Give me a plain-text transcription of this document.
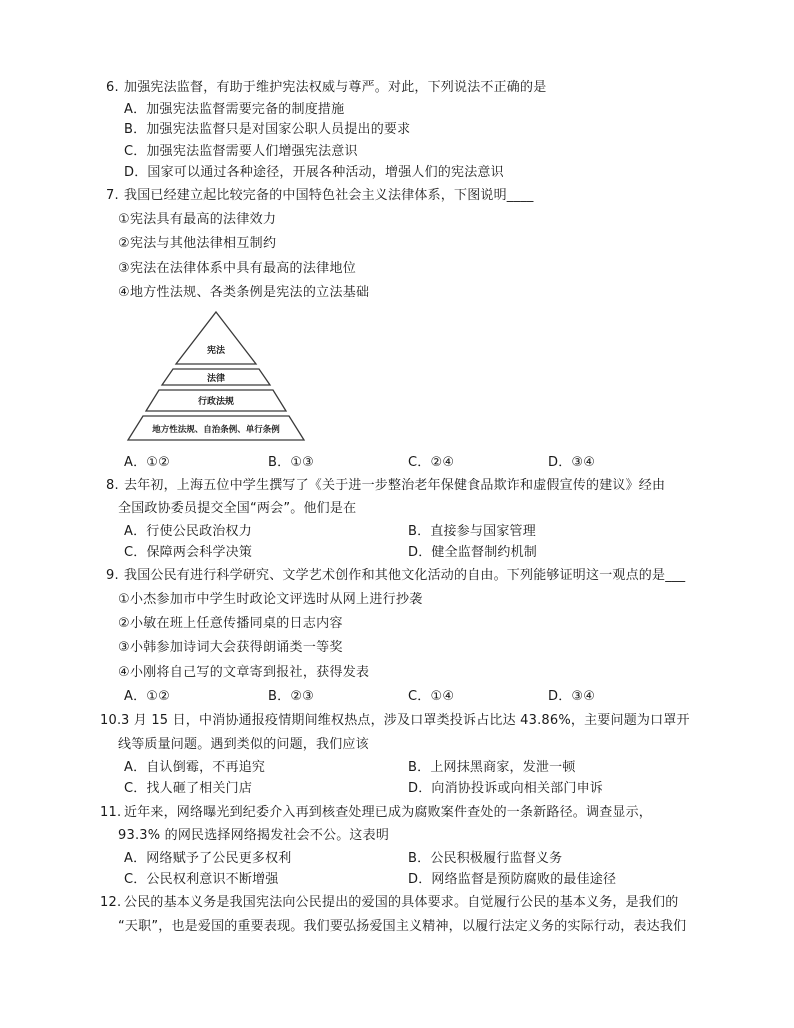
6. 加强宪法监督，有助于维护宪法权威与尊严。对此，下列说法不正确的是
A．加强宪法监督需要完备的制度措施
B．加强宪法监督只是对国家公职人员提出的要求
C．加强宪法监督需要人们增强宪法意识
D．国家可以通过各种途径，开展各种活动，增强人们的宪法意识
7. 我国已经建立起比较完备的中国特色社会主义法律体系，下图说明____
①宪法具有最高的法律效力
②宪法与其他法律相互制约
③宪法在法律体系中具有最高的法律地位
④地方性法规、各类条例是宪法的立法基础
宪法
法律
行政法规
地方性法规、自治条例、单行条例
A．①②	B．①③	C．②④	D．③④
8. 去年初，上海五位中学生撰写了《关于进一步整治老年保健食品欺诈和虚假宣传的建议》经由
全国政协委员提交全国“两会”。他们是在
A．行使公民政治权力	B．直接参与国家管理
C．保障两会科学决策	D．健全监督制约机制
9. 我国公民有进行科学研究、文学艺术创作和其他文化活动的自由。下列能够证明这一观点的是___
①小杰参加市中学生时政论文评选时从网上进行抄袭
②小敏在班上任意传播同桌的日志内容
③小韩参加诗词大会获得朗诵类一等奖
④小刚将自己写的文章寄到报社，获得发表
A．①②	B．②③	C．①④	D．③④
10. 3 月 15 日，中消协通报疫情期间维权热点，涉及口罩类投诉占比达 43.86%，主要问题为口罩开
线等质量问题。遇到类似的问题，我们应该
A．自认倒霉，不再追究	B．上网抹黑商家，发泄一顿
C．找人砸了相关门店	D．向消协投诉或向相关部门申诉
11. 近年来，网络曝光到纪委介入再到核查处理已成为腐败案件查处的一条新路径。调查显示，
93.3% 的网民选择网络揭发社会不公。这表明
A．网络赋予了公民更多权利	B．公民积极履行监督义务
C．公民权利意识不断增强	D．网络监督是预防腐败的最佳途径
12. 公民的基本义务是我国宪法向公民提出的爱国的具体要求。自觉履行公民的基本义务，是我们的
“天职”，也是爱国的重要表现。我们要弘扬爱国主义精神，以履行法定义务的实际行动，表达我们
